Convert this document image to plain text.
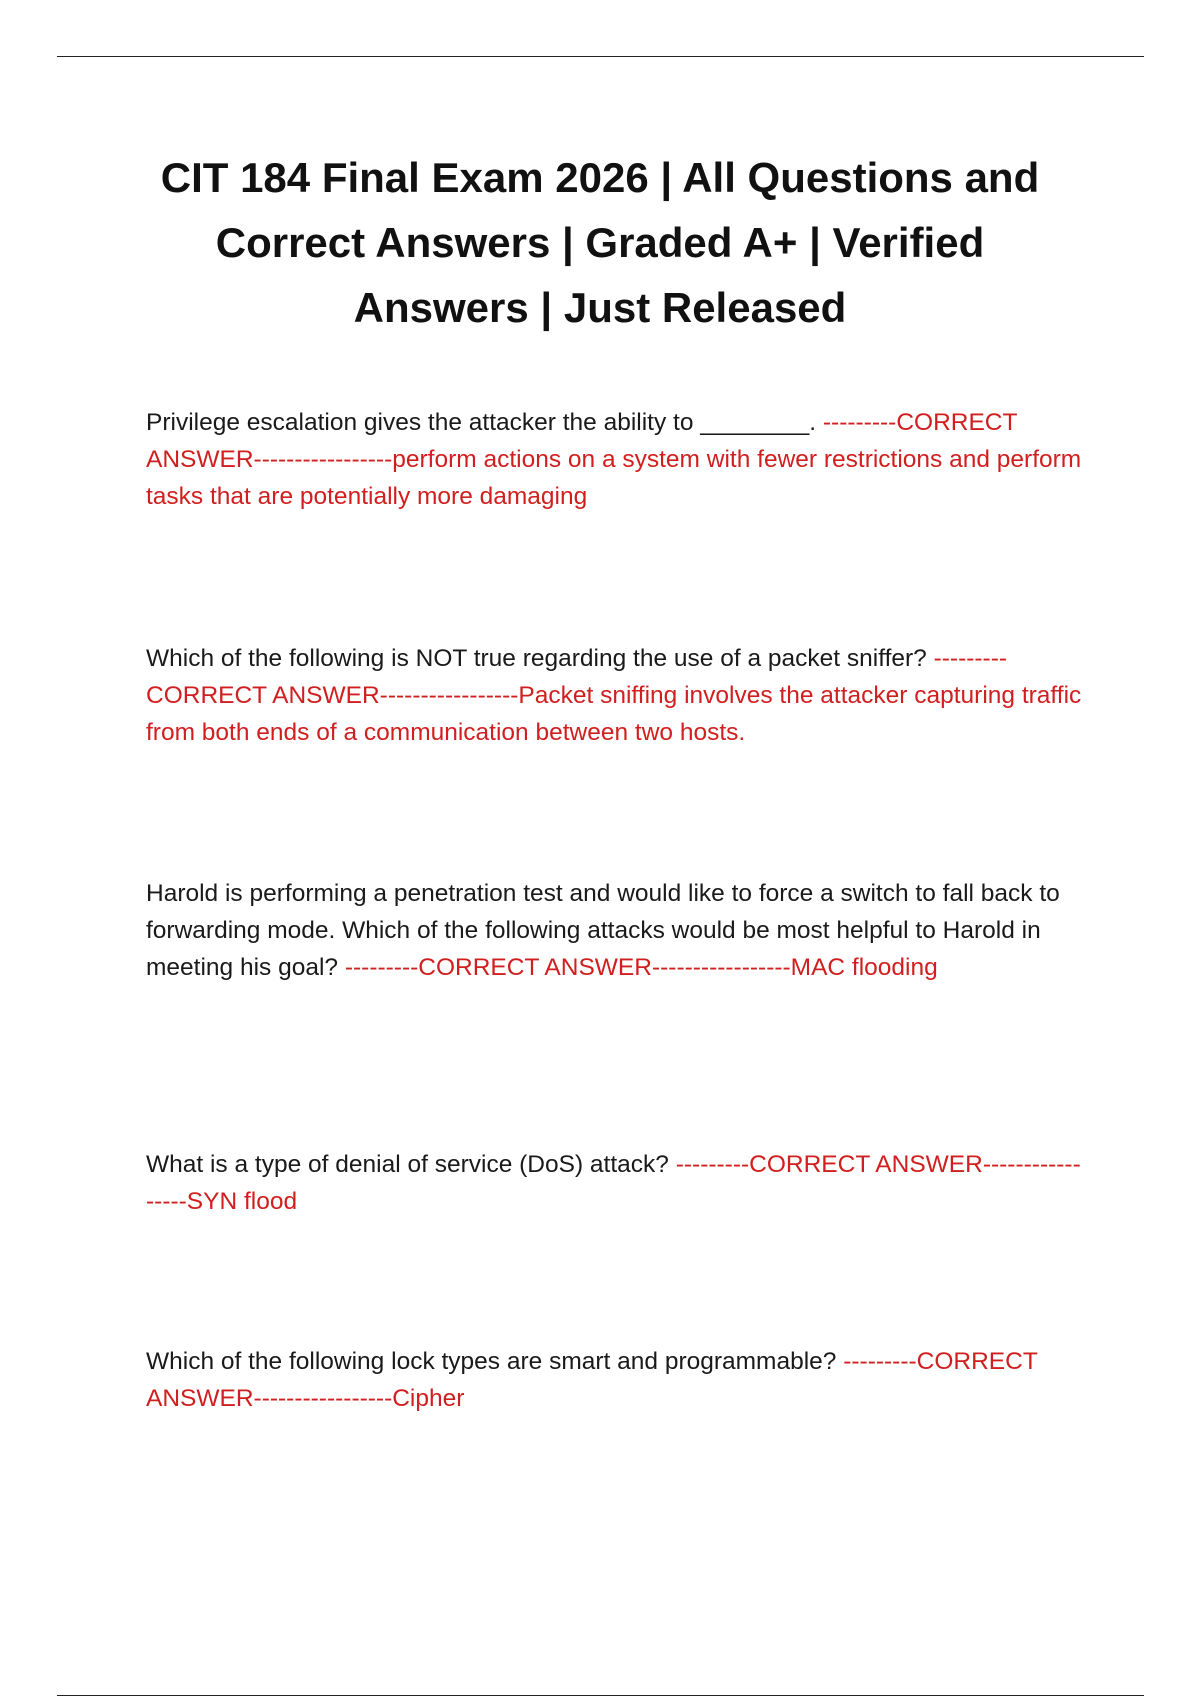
CIT 184 Final Exam 2026 | All Questions and Correct Answers | Graded A+ | Verified Answers | Just Released

Privilege escalation gives the attacker the ability to ________. ---------CORRECT ANSWER-----------------perform actions on a system with fewer restrictions and perform tasks that are potentially more damaging

Which of the following is NOT true regarding the use of a packet sniffer? ---------CORRECT ANSWER-----------------Packet sniffing involves the attacker capturing traffic from both ends of a communication between two hosts.

Harold is performing a penetration test and would like to force a switch to fall back to forwarding mode. Which of the following attacks would be most helpful to Harold in meeting his goal? ---------CORRECT ANSWER-----------------MAC flooding

What is a type of denial of service (DoS) attack? ---------CORRECT ANSWER-----------------SYN flood

Which of the following lock types are smart and programmable? ---------CORRECT ANSWER-----------------Cipher
